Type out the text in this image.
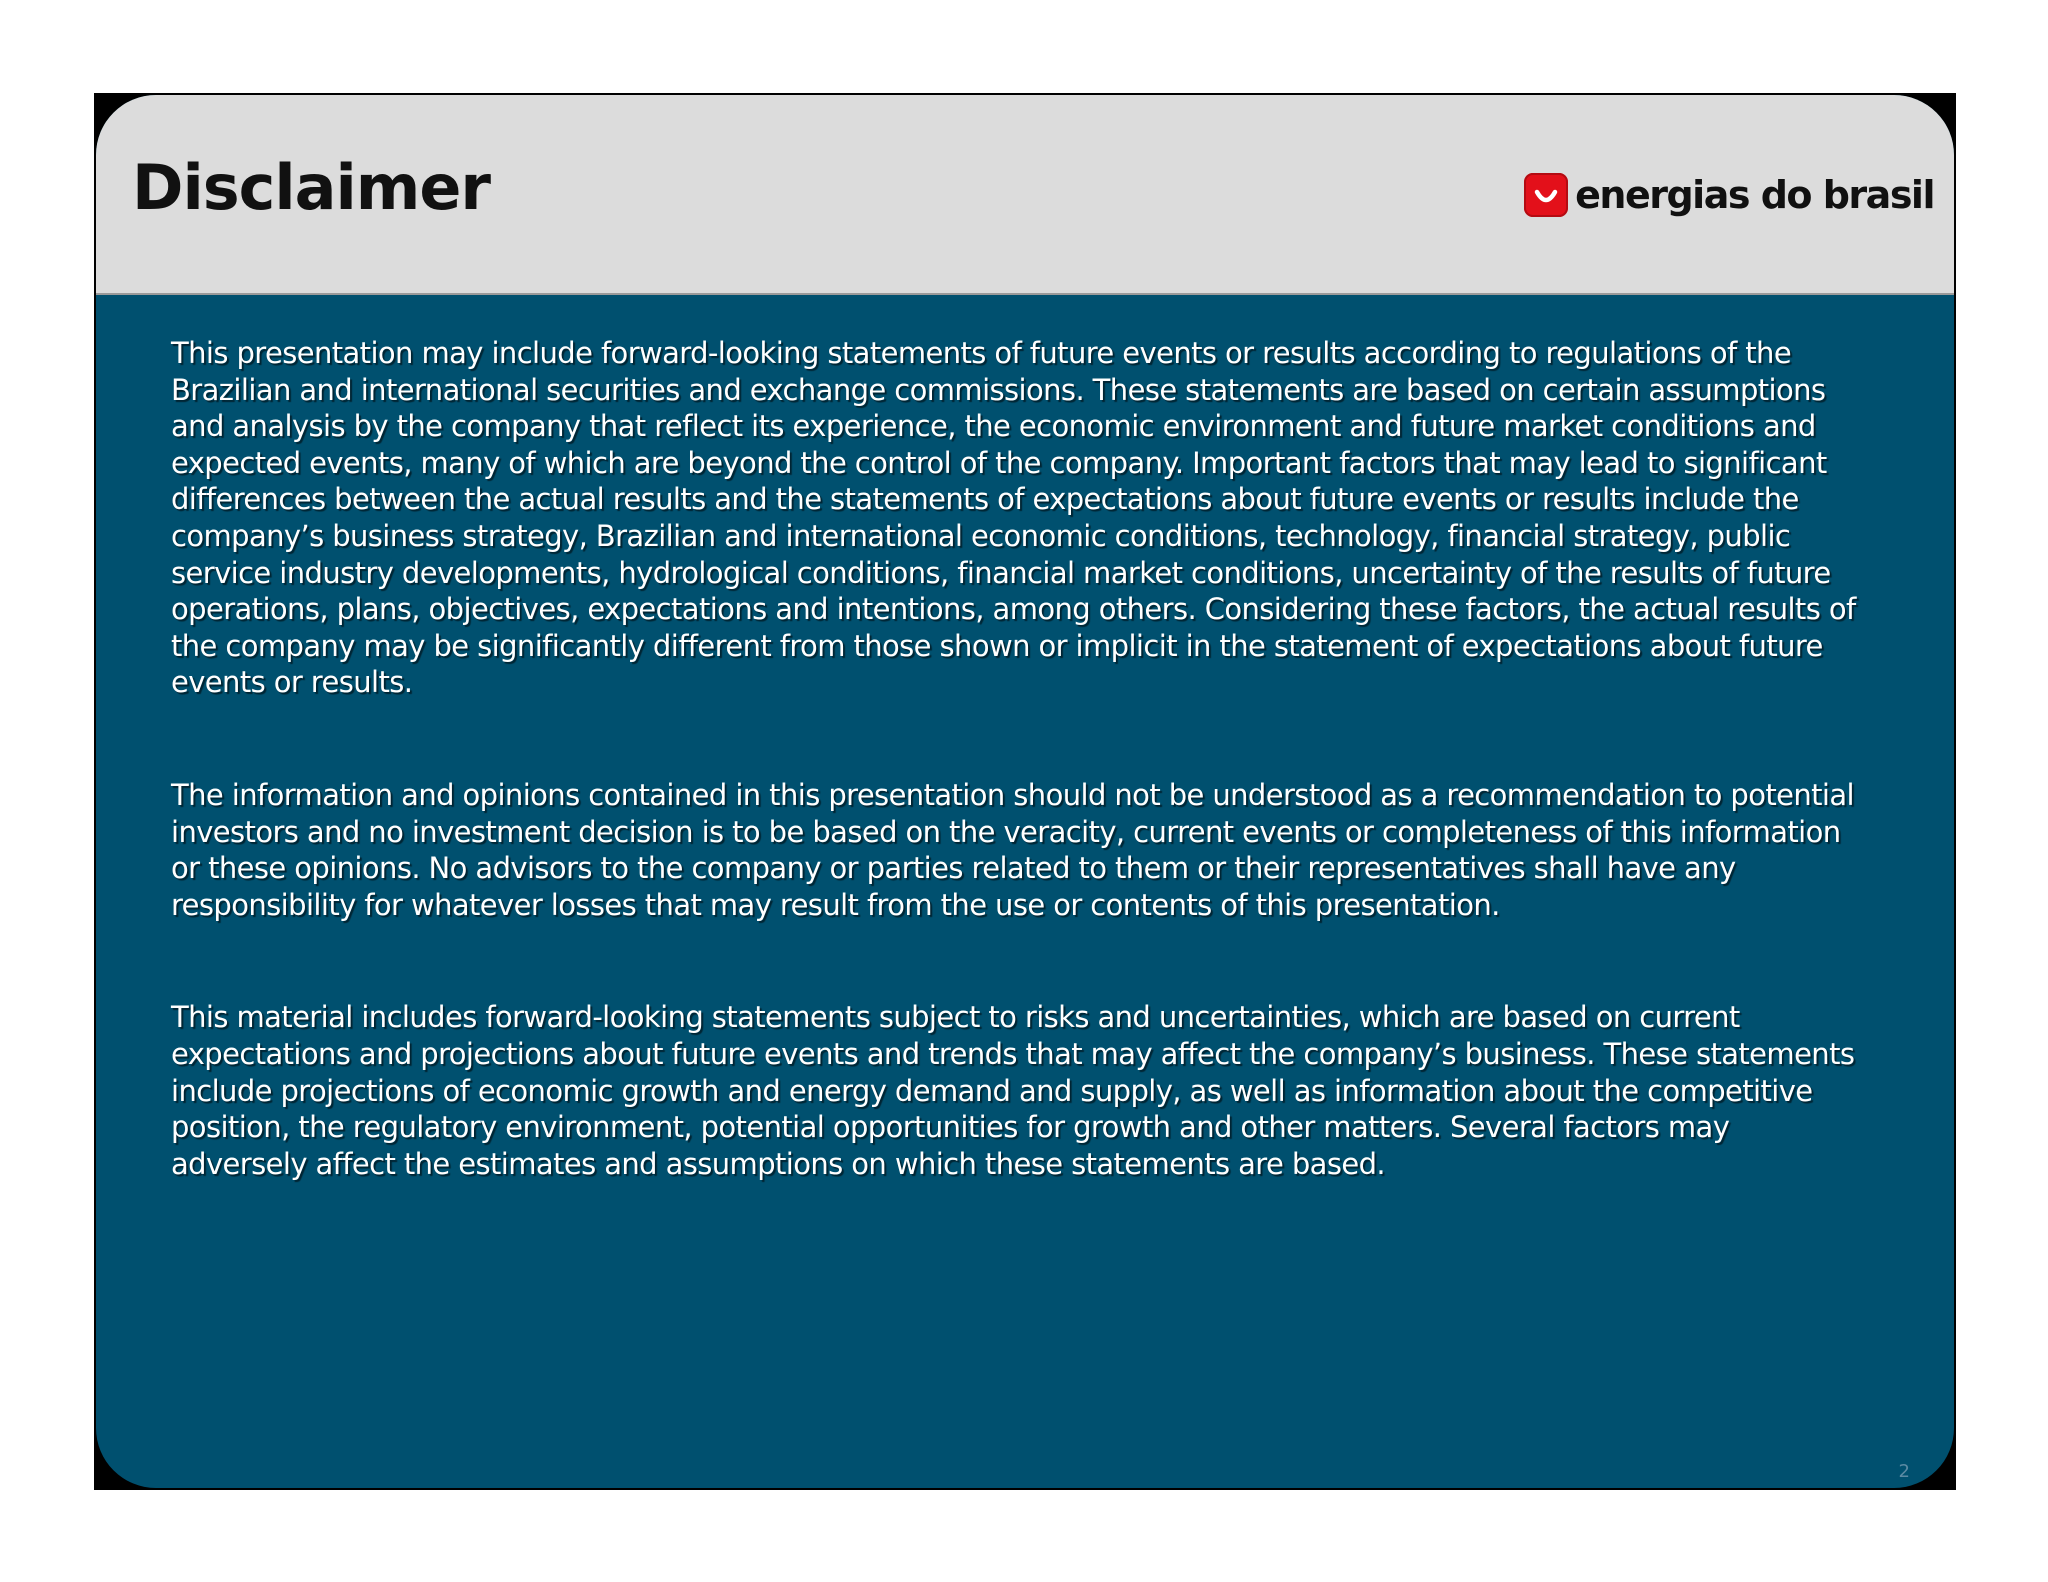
Disclaimer	energias do brasil

This presentation may include forward-looking statements of future events or results according to regulations of the Brazilian and international securities and exchange commissions. These statements are based on certain assumptions and analysis by the company that reflect its experience, the economic environment and future market conditions and expected events, many of which are beyond the control of the company. Important factors that may lead to significant differences between the actual results and the statements of expectations about future events or results include the company’s business strategy, Brazilian and international economic conditions, technology, financial strategy, public service industry developments, hydrological conditions, financial market conditions, uncertainty of the results of future operations, plans, objectives, expectations and intentions, among others. Considering these factors, the actual results of the company may be significantly different from those shown or implicit in the statement of expectations about future events or results.

The information and opinions contained in this presentation should not be understood as a recommendation to potential investors and no investment decision is to be based on the veracity, current events or completeness of this information or these opinions. No advisors to the company or parties related to them or their representatives shall have any responsibility for whatever losses that may result from the use or contents of this presentation.

This material includes forward-looking statements subject to risks and uncertainties, which are based on current expectations and projections about future events and trends that may affect the company’s business. These statements include projections of economic growth and energy demand and supply, as well as information about the competitive position, the regulatory environment, potential opportunities for growth and other matters. Several factors may adversely affect the estimates and assumptions on which these statements are based.

2
